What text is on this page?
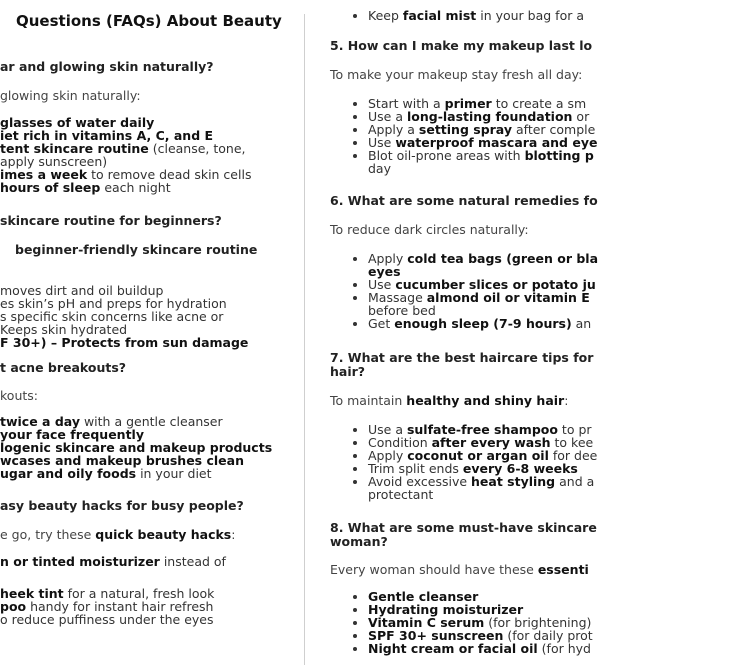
Questions (FAQs) About Beauty
ar and glowing skin naturally?
glowing skin naturally:
glasses of water daily
iet rich in vitamins A, C, and E
tent skincare routine (cleanse, tone,
apply sunscreen)
imes a week to remove dead skin cells
hours of sleep each night
skincare routine for beginners?
beginner-friendly skincare routine
moves dirt and oil buildup
es skin’s pH and preps for hydration
s specific skin concerns like acne or
Keeps skin hydrated
F 30+) – Protects from sun damage
t acne breakouts?
kouts:
twice a day with a gentle cleanser
your face frequently
logenic skincare and makeup products
wcases and makeup brushes clean
ugar and oily foods in your diet
asy beauty hacks for busy people?
e go, try these quick beauty hacks:
n or tinted moisturizer instead of

heek tint for a natural, fresh look
poo handy for instant hair refresh
o reduce puffiness under the eyes
• Keep facial mist in your bag for a
5. How can I make my makeup last lo
To make your makeup stay fresh all day:
• Start with a primer to create a sm
• Use a long-lasting foundation or
• Apply a setting spray after comple
• Use waterproof mascara and eye
• Blot oil-prone areas with blotting p
day
6. What are some natural remedies fo
To reduce dark circles naturally:
• Apply cold tea bags (green or bla
eyes
• Use cucumber slices or potato ju
• Massage almond oil or vitamin E
before bed
• Get enough sleep (7-9 hours) an
7. What are the best haircare tips for
hair?
To maintain healthy and shiny hair:
• Use a sulfate-free shampoo to pr
• Condition after every wash to kee
• Apply coconut or argan oil for dee
• Trim split ends every 6-8 weeks
• Avoid excessive heat styling and a
protectant
8. What are some must-have skincare
woman?
Every woman should have these essenti
• Gentle cleanser
• Hydrating moisturizer
• Vitamin C serum (for brightening)
• SPF 30+ sunscreen (for daily prot
• Night cream or facial oil (for hyd
